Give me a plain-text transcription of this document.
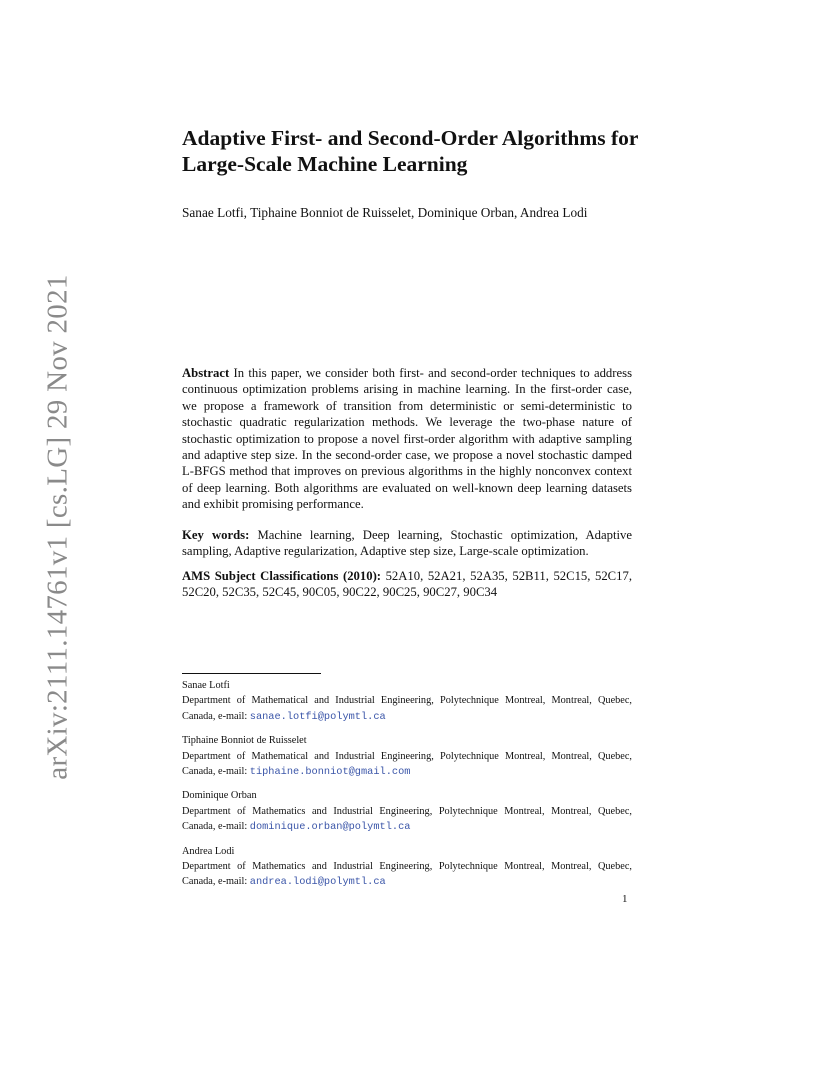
arXiv:2111.14761v1 [cs.LG] 29 Nov 2021
Adaptive First- and Second-Order Algorithms for Large-Scale Machine Learning
Sanae Lotfi, Tiphaine Bonniot de Ruisselet, Dominique Orban, Andrea Lodi
Abstract In this paper, we consider both first- and second-order techniques to address continuous optimization problems arising in machine learning. In the first-order case, we propose a framework of transition from deterministic or semi-deterministic to stochastic quadratic regularization methods. We leverage the two-phase nature of stochastic optimization to propose a novel first-order algorithm with adaptive sampling and adaptive step size. In the second-order case, we propose a novel stochastic damped L-BFGS method that improves on previous algorithms in the highly nonconvex context of deep learning. Both algorithms are evaluated on well-known deep learning datasets and exhibit promising performance.
Key words: Machine learning, Deep learning, Stochastic optimization, Adaptive sampling, Adaptive regularization, Adaptive step size, Large-scale optimization.
AMS Subject Classifications (2010): 52A10, 52A21, 52A35, 52B11, 52C15, 52C17, 52C20, 52C35, 52C45, 90C05, 90C22, 90C25, 90C27, 90C34
Sanae Lotfi
Department of Mathematical and Industrial Engineering, Polytechnique Montreal, Montreal, Quebec, Canada, e-mail: sanae.lotfi@polymtl.ca
Tiphaine Bonniot de Ruisselet
Department of Mathematical and Industrial Engineering, Polytechnique Montreal, Montreal, Quebec, Canada, e-mail: tiphaine.bonniot@gmail.com
Dominique Orban
Department of Mathematics and Industrial Engineering, Polytechnique Montreal, Montreal, Quebec, Canada, e-mail: dominique.orban@polymtl.ca
Andrea Lodi
Department of Mathematics and Industrial Engineering, Polytechnique Montreal, Montreal, Quebec, Canada, e-mail: andrea.lodi@polymtl.ca
1
